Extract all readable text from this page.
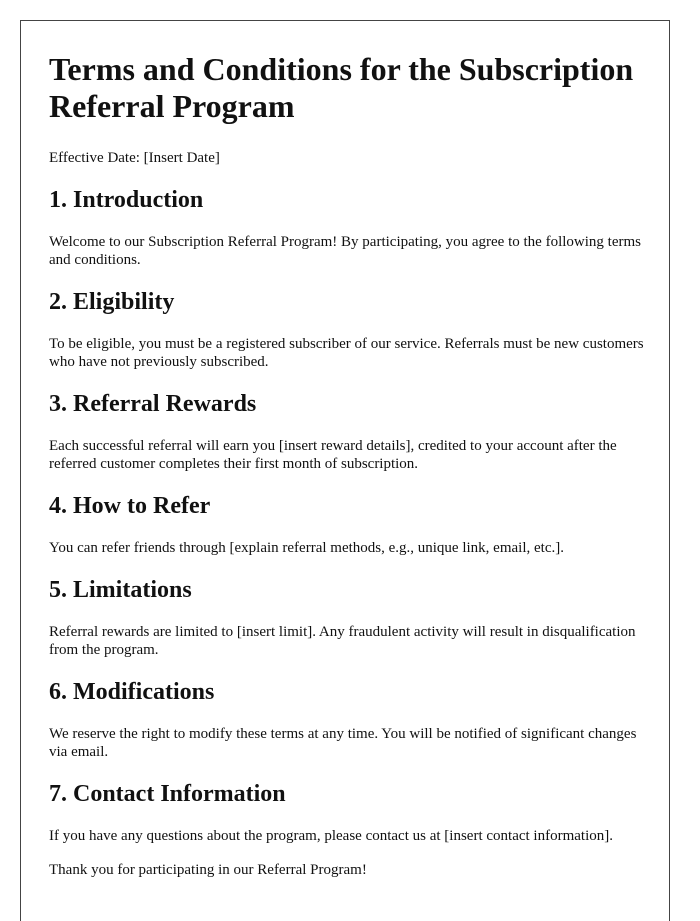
Terms and Conditions for the Subscription Referral Program

Effective Date: [Insert Date]

1. Introduction

Welcome to our Subscription Referral Program! By participating, you agree to the following terms and conditions.

2. Eligibility

To be eligible, you must be a registered subscriber of our service. Referrals must be new customers who have not previously subscribed.

3. Referral Rewards

Each successful referral will earn you [insert reward details], credited to your account after the referred customer completes their first month of subscription.

4. How to Refer

You can refer friends through [explain referral methods, e.g., unique link, email, etc.].

5. Limitations

Referral rewards are limited to [insert limit]. Any fraudulent activity will result in disqualification from the program.

6. Modifications

We reserve the right to modify these terms at any time. You will be notified of significant changes via email.

7. Contact Information

If you have any questions about the program, please contact us at [insert contact information].

Thank you for participating in our Referral Program!
